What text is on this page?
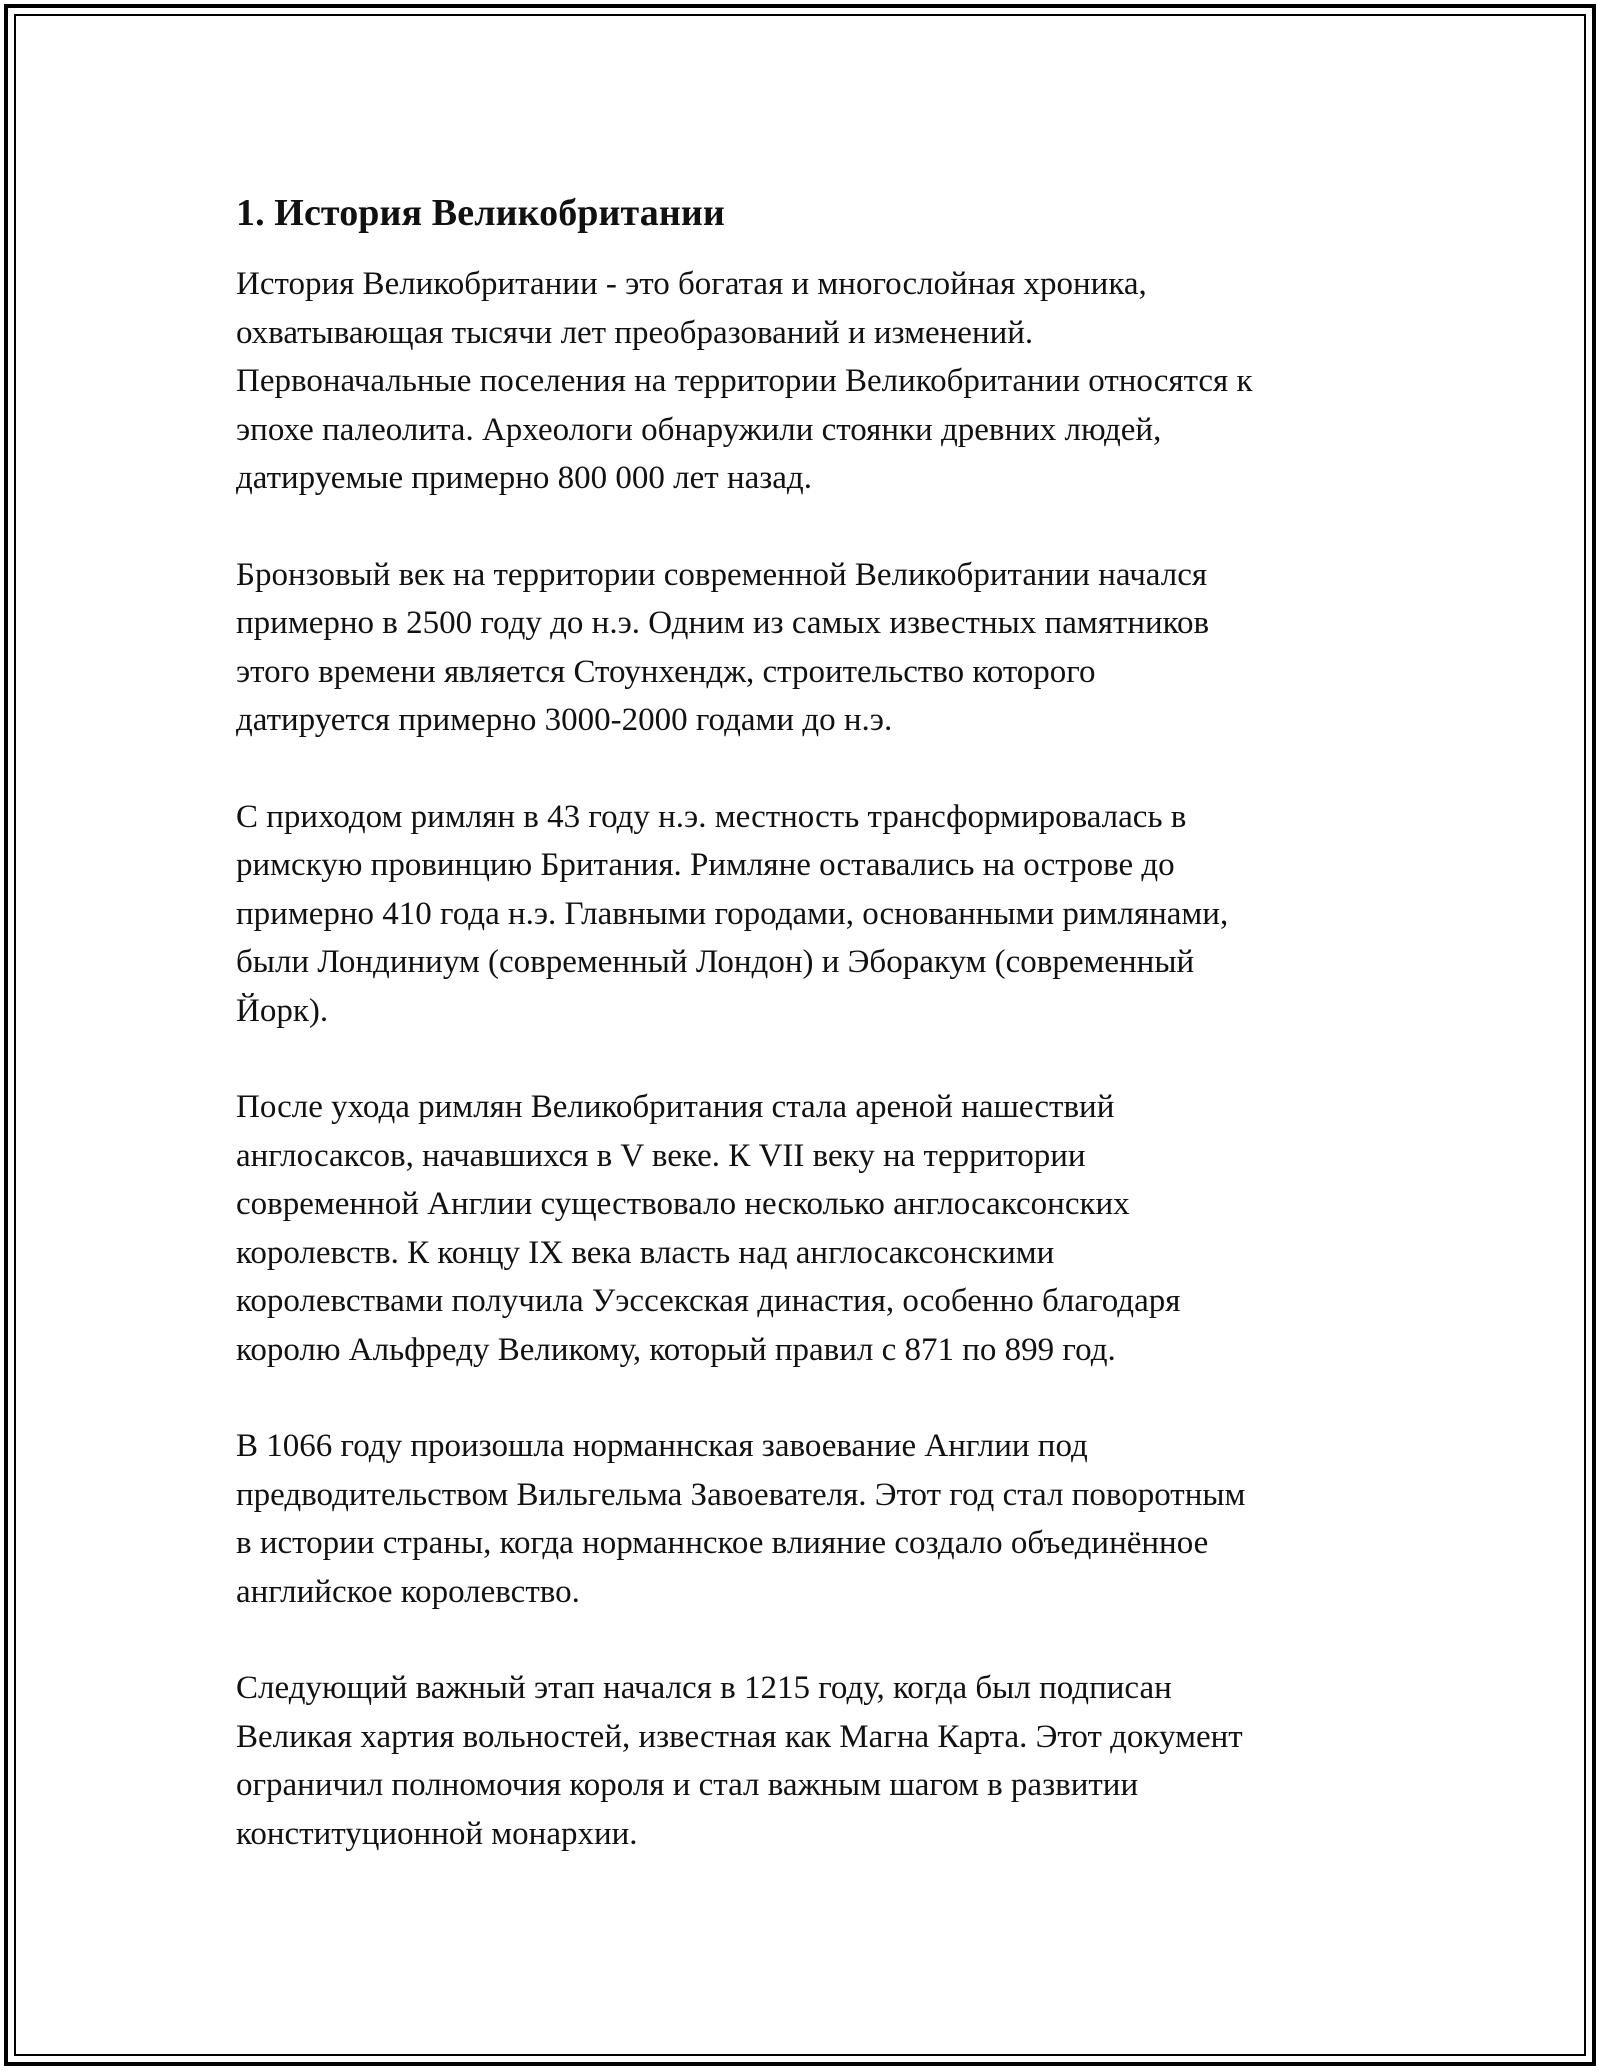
1. История Великобритании

История Великобритании - это богатая и многослойная хроника,
охватывающая тысячи лет преобразований и изменений.
Первоначальные поселения на территории Великобритании относятся к
эпохе палеолита. Археологи обнаружили стоянки древних людей,
датируемые примерно 800 000 лет назад.

Бронзовый век на территории современной Великобритании начался
примерно в 2500 году до н.э. Одним из самых известных памятников
этого времени является Стоунхендж, строительство которого
датируется примерно 3000-2000 годами до н.э.

С приходом римлян в 43 году н.э. местность трансформировалась в
римскую провинцию Британия. Римляне оставались на острове до
примерно 410 года н.э. Главными городами, основанными римлянами,
были Лондиниум (современный Лондон) и Эборакум (современный
Йорк).

После ухода римлян Великобритания стала ареной нашествий
англосаксов, начавшихся в V веке. К VII веку на территории
современной Англии существовало несколько англосаксонских
королевств. К концу IX века власть над англосаксонскими
королевствами получила Уэссекская династия, особенно благодаря
королю Альфреду Великому, который правил с 871 по 899 год.

В 1066 году произошла норманнская завоевание Англии под
предводительством Вильгельма Завоевателя. Этот год стал поворотным
в истории страны, когда норманнское влияние создало объединённое
английское королевство.

Следующий важный этап начался в 1215 году, когда был подписан
Великая хартия вольностей, известная как Магна Карта. Этот документ
ограничил полномочия короля и стал важным шагом в развитии
конституционной монархии.
